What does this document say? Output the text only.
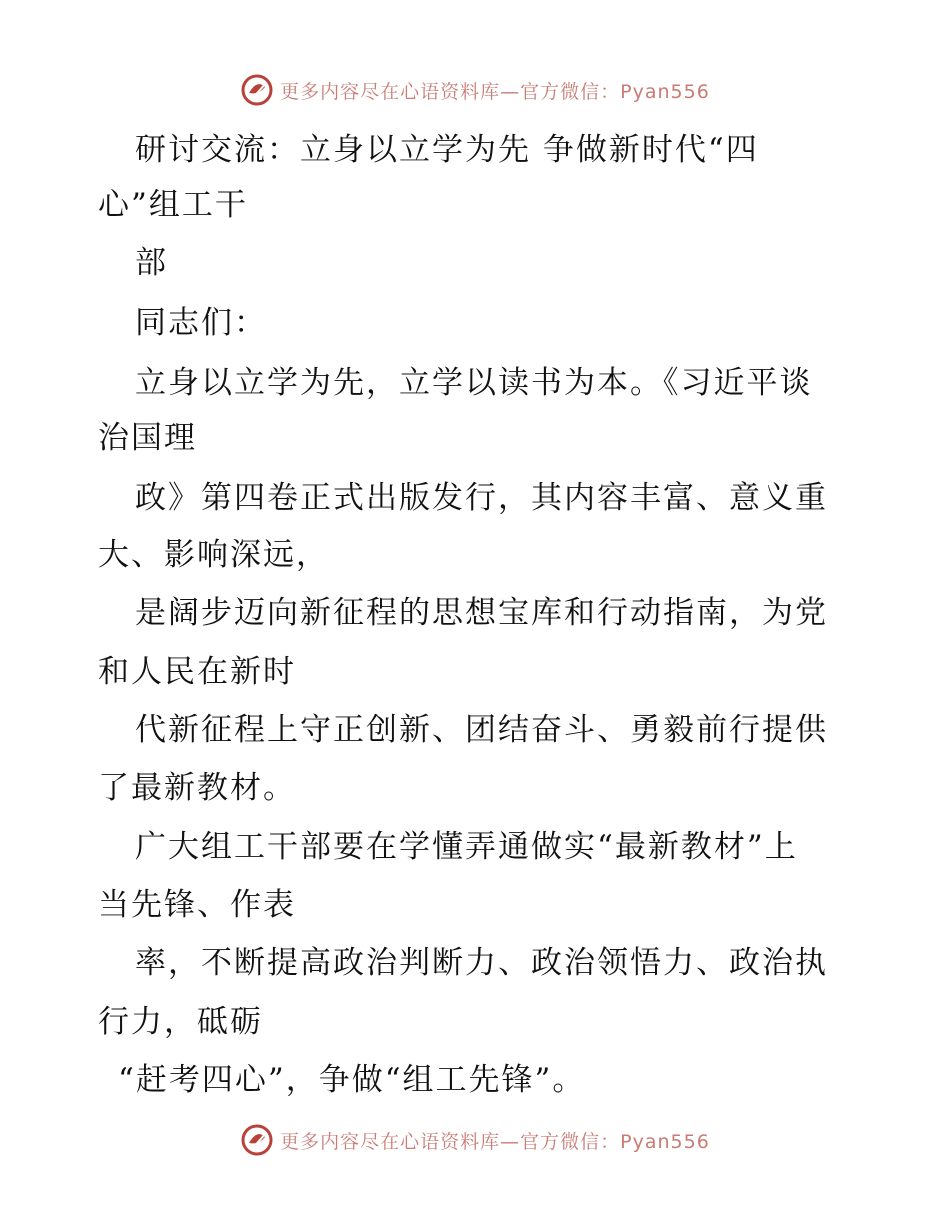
更多内容尽在心语资料库—官方微信：Pyan556
研讨交流：立身以立学为先 争做新时代“四
心”组工干
部
同志们：
立身以立学为先，立学以读书为本。《习近平谈
治国理
政》第四卷正式出版发行，其内容丰富、意义重
大、影响深远，
是阔步迈向新征程的思想宝库和行动指南，为党
和人民在新时
代新征程上守正创新、团结奋斗、勇毅前行提供
了最新教材。
广大组工干部要在学懂弄通做实“最新教材”上
当先锋、作表
率，不断提高政治判断力、政治领悟力、政治执
行力，砥砺
“赶考四心”，争做“组工先锋”。
更多内容尽在心语资料库—官方微信：Pyan556
